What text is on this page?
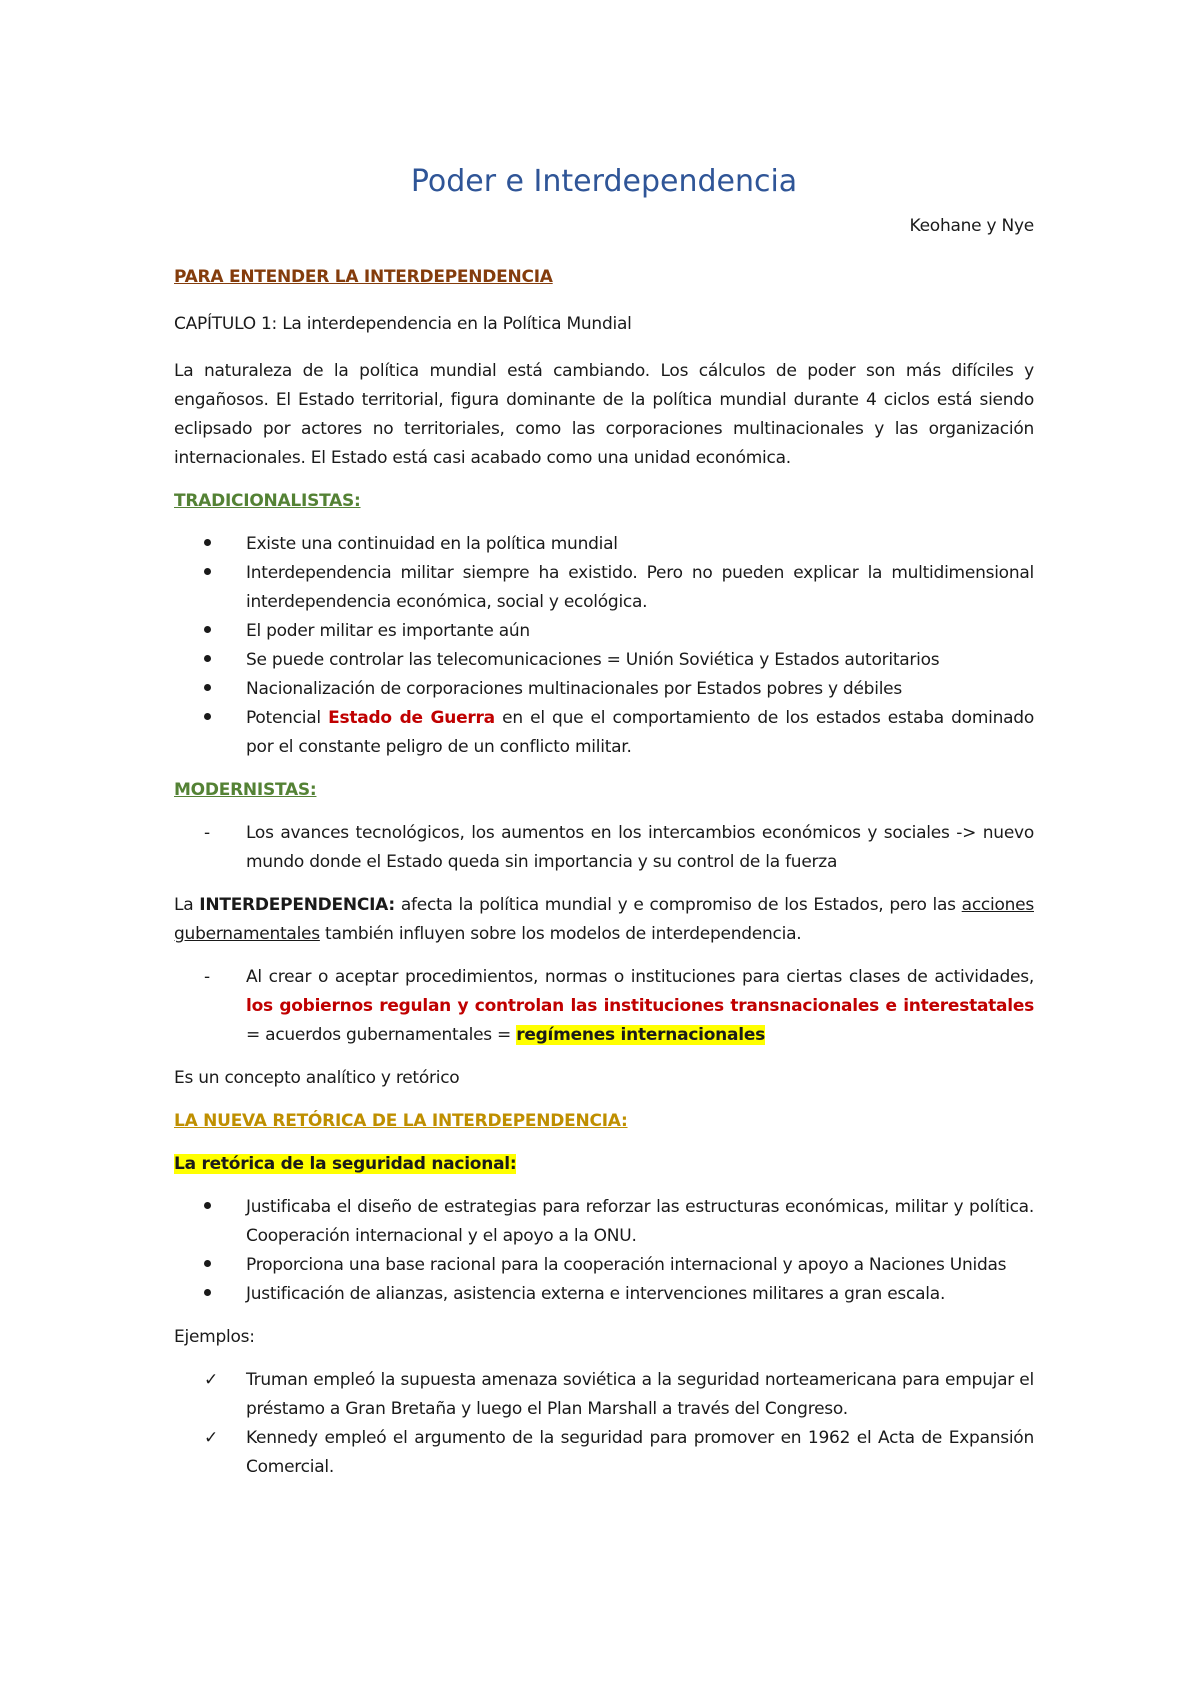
Poder e Interdependencia

Keohane y Nye

PARA ENTENDER LA INTERDEPENDENCIA

CAPÍTULO 1: La interdependencia en la Política Mundial

La naturaleza de la política mundial está cambiando. Los cálculos de poder son más difíciles y engañosos. El Estado territorial, figura dominante de la política mundial durante 4 ciclos está siendo eclipsado por actores no territoriales, como las corporaciones multinacionales y las organización internacionales. El Estado está casi acabado como una unidad económica.

TRADICIONALISTAS:

Existe una continuidad en la política mundial
Interdependencia militar siempre ha existido. Pero no pueden explicar la multidimensional interdependencia económica, social y ecológica.
El poder militar es importante aún
Se puede controlar las telecomunicaciones = Unión Soviética y Estados autoritarios
Nacionalización de corporaciones multinacionales por Estados pobres y débiles
Potencial Estado de Guerra en el que el comportamiento de los estados estaba dominado por el constante peligro de un conflicto militar.

MODERNISTAS:

-	Los avances tecnológicos, los aumentos en los intercambios económicos y sociales -> nuevo mundo donde el Estado queda sin importancia y su control de la fuerza

La INTERDEPENDENCIA: afecta la política mundial y e compromiso de los Estados, pero las acciones gubernamentales también influyen sobre los modelos de interdependencia.

-	Al crear o aceptar procedimientos, normas o instituciones para ciertas clases de actividades, los gobiernos regulan y controlan las instituciones transnacionales e interestatales = acuerdos gubernamentales = regímenes internacionales

Es un concepto analítico y retórico

LA NUEVA RETÓRICA DE LA INTERDEPENDENCIA:

La retórica de la seguridad nacional:

Justificaba el diseño de estrategias para reforzar las estructuras económicas, militar y política. Cooperación internacional y el apoyo a la ONU.
Proporciona una base racional para la cooperación internacional y apoyo a Naciones Unidas
Justificación de alianzas, asistencia externa e intervenciones militares a gran escala.

Ejemplos:

✓	Truman empleó la supuesta amenaza soviética a la seguridad norteamericana para empujar el préstamo a Gran Bretaña y luego el Plan Marshall a través del Congreso.
✓	Kennedy empleó el argumento de la seguridad para promover en 1962 el Acta de Expansión Comercial.
